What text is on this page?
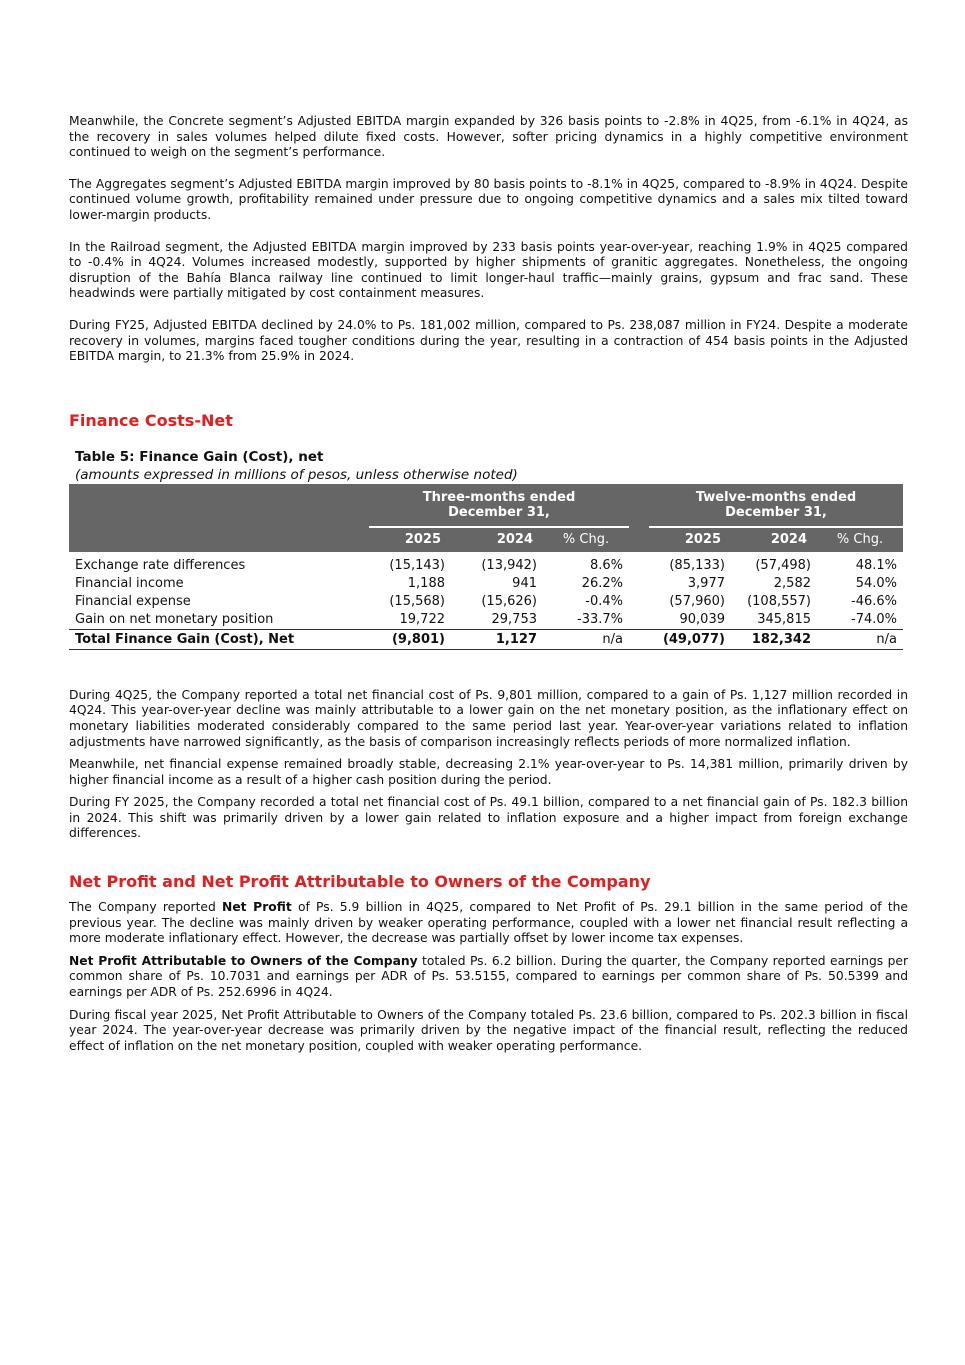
Meanwhile, the Concrete segment’s Adjusted EBITDA margin expanded by 326 basis points to -2.8% in 4Q25, from -6.1% in 4Q24, as the recovery in sales volumes helped dilute fixed costs. However, softer pricing dynamics in a highly competitive environment continued to weigh on the segment’s performance.

The Aggregates segment’s Adjusted EBITDA margin improved by 80 basis points to -8.1% in 4Q25, compared to -8.9% in 4Q24. Despite continued volume growth, profitability remained under pressure due to ongoing competitive dynamics and a sales mix tilted toward lower-margin products.

In the Railroad segment, the Adjusted EBITDA margin improved by 233 basis points year-over-year, reaching 1.9% in 4Q25 compared to -0.4% in 4Q24. Volumes increased modestly, supported by higher shipments of granitic aggregates. Nonetheless, the ongoing disruption of the Bahía Blanca railway line continued to limit longer-haul traffic—mainly grains, gypsum and frac sand. These headwinds were partially mitigated by cost containment measures.

During FY25, Adjusted EBITDA declined by 24.0% to Ps. 181,002 million, compared to Ps. 238,087 million in FY24. Despite a moderate recovery in volumes, margins faced tougher conditions during the year, resulting in a contraction of 454 basis points in the Adjusted EBITDA margin, to 21.3% from 25.9% in 2024.

Finance Costs-Net
Table 5: Finance Gain (Cost), net
(amounts expressed in millions of pesos, unless otherwise noted)
	Three-months ended December 31,				Twelve-months ended December 31,		
	2025	2024	% Chg.		2025	2024	% Chg.
Exchange rate differences	(15,143)	(13,942)	8.6%		(85,133)	(57,498)	48.1%
Financial income	1,188	941	26.2%		3,977	2,582	54.0%
Financial expense	(15,568)	(15,626)	-0.4%		(57,960)	(108,557)	-46.6%
Gain on net monetary position	19,722	29,753	-33.7%		90,039	345,815	-74.0%
Total Finance Gain (Cost), Net	(9,801)	1,127	n/a		(49,077)	182,342	n/a

During 4Q25, the Company reported a total net financial cost of Ps. 9,801 million, compared to a gain of Ps. 1,127 million recorded in 4Q24. This year-over-year decline was mainly attributable to a lower gain on the net monetary position, as the inflationary effect on monetary liabilities moderated considerably compared to the same period last year. Year-over-year variations related to inflation adjustments have narrowed significantly, as the basis of comparison increasingly reflects periods of more normalized inflation.

Meanwhile, net financial expense remained broadly stable, decreasing 2.1% year-over-year to Ps. 14,381 million, primarily driven by higher financial income as a result of a higher cash position during the period.

During FY 2025, the Company recorded a total net financial cost of Ps. 49.1 billion, compared to a net financial gain of Ps. 182.3 billion in 2024. This shift was primarily driven by a lower gain related to inflation exposure and a higher impact from foreign exchange differences.

Net Profit and Net Profit Attributable to Owners of the Company

The Company reported Net Profit of Ps. 5.9 billion in 4Q25, compared to Net Profit of Ps. 29.1 billion in the same period of the previous year. The decline was mainly driven by weaker operating performance, coupled with a lower net financial result reflecting a more moderate inflationary effect. However, the decrease was partially offset by lower income tax expenses.

Net Profit Attributable to Owners of the Company totaled Ps. 6.2 billion. During the quarter, the Company reported earnings per common share of Ps. 10.7031 and earnings per ADR of Ps. 53.5155, compared to earnings per common share of Ps. 50.5399 and earnings per ADR of Ps. 252.6996 in 4Q24.

During fiscal year 2025, Net Profit Attributable to Owners of the Company totaled Ps. 23.6 billion, compared to Ps. 202.3 billion in fiscal year 2024. The year-over-year decrease was primarily driven by the negative impact of the financial result, reflecting the reduced effect of inflation on the net monetary position, coupled with weaker operating performance.
